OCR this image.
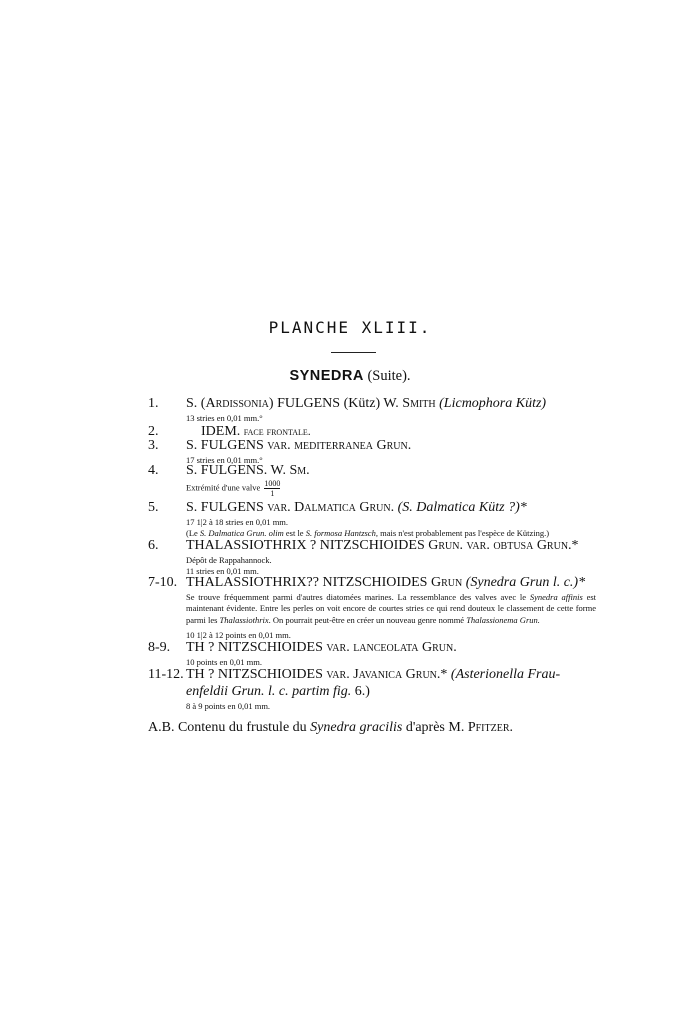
PLANCHE XLIII.
SYNEDRA (Suite).
1. S. (Ardissonia) FULGENS (Kütz) W. Smith (Licmophora Kütz)
13 stries en 0,01 mm.°
2.	IDEM. face frontale.
3. S. FULGENS var. mediterranea Grun.
17 stries en 0,01 mm.°
4. S. FULGENS. W. Sm.
Extrémité d'une valve $\frac{1000}{1}$
5. S. FULGENS var. Dalmatica Grun. (S. Dalmatica Kütz ?)*
17 1|2 à 18 stries en 0,01 mm.
(Le S. Dalmatica Grun. olim est le S. formosa Hantzsch, mais n'est probablement pas l'espèce de Kützing.)
6. THALASSIOTHRIX ? NITZSCHIOIDES Grun. var. obtusa Grun.*
Dépôt de Rappahannock.
11 stries en 0,01 mm.
7-10. THALASSIOTHRIX?? NITZSCHIOIDES Grun (Synedra Grun l. c.)*
Se trouve fréquemment parmi d'autres diatomées marines. La ressemblance des valves avec le Synedra affinis est maintenant évidente. Entre les perles on voit encore de courtes stries ce qui rend douteux le classement de cette forme parmi les Thalassiothrix. On pourrait peut-être en créer un nouveau genre nommé Thalassionema Grun.
10 1|2 à 12 points en 0,01 mm.
8-9. TH ? NITZSCHIOIDES var. lanceolata Grun.
10 points en 0,01 mm.
11-12. TH ? NITZSCHIOIDES var. Javanica Grun.* (Asterionella Frau-
enfeldii Grun. l. c. partim fig. 6.)
8 à 9 points en 0,01 mm.
A.B. Contenu du frustule du Synedra gracilis d'après M. Pfitzer.
